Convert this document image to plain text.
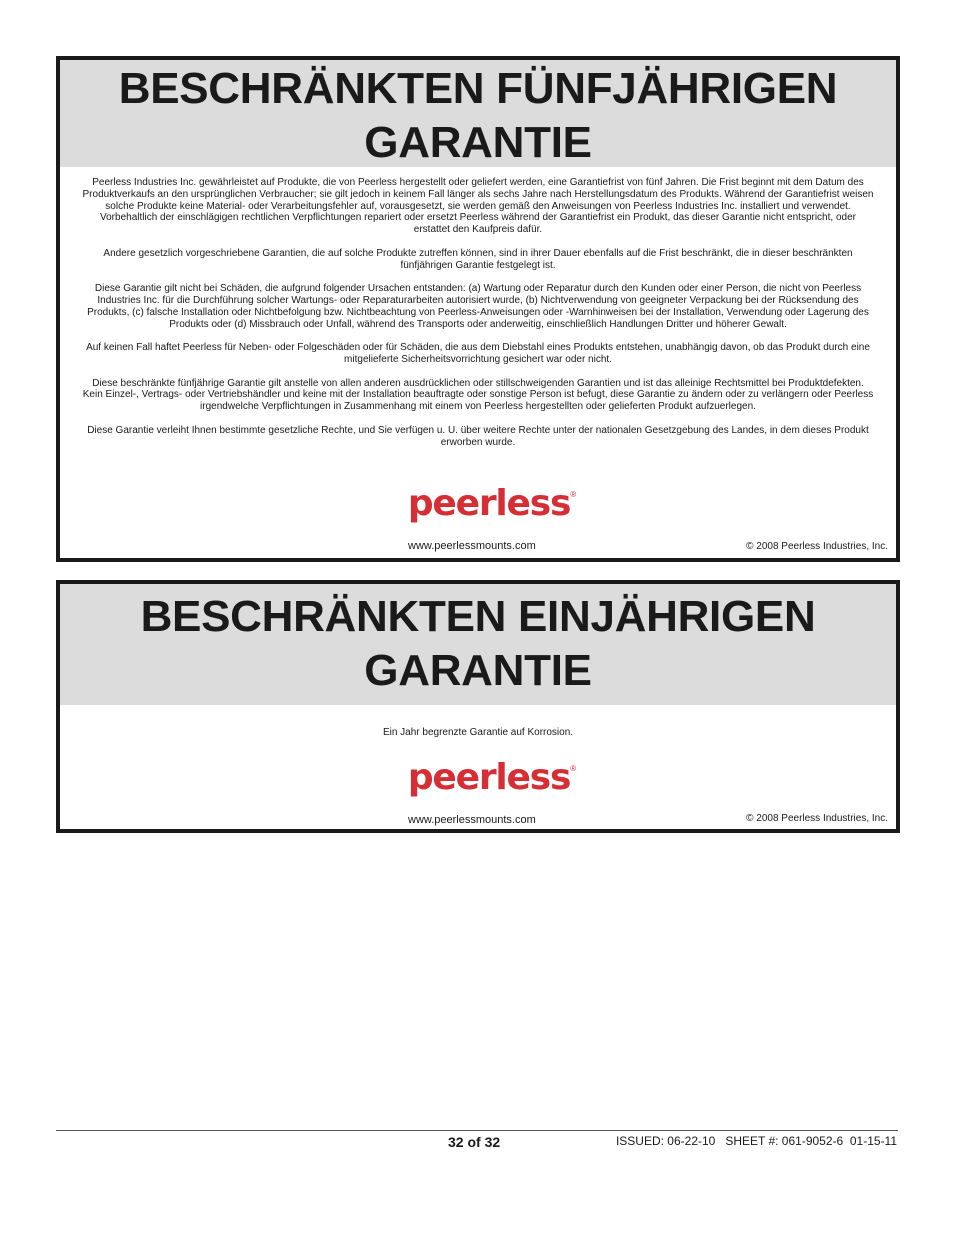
BESCHRÄNKTEN FÜNFJÄHRIGEN
GARANTIE

Peerless Industries Inc. gewährleistet auf Produkte, die von Peerless hergestellt oder geliefert werden, eine Garantiefrist von fünf Jahren. Die Frist beginnt mit dem Datum des Produktverkaufs an den ursprünglichen Verbraucher; sie gilt jedoch in keinem Fall länger als sechs Jahre nach Herstellungsdatum des Produkts. Während der Garantiefrist weisen solche Produkte keine Material- oder Verarbeitungsfehler auf, vorausgesetzt, sie werden gemäß den Anweisungen von Peerless Industries Inc. installiert und verwendet. Vorbehaltlich der einschlägigen rechtlichen Verpflichtungen repariert oder ersetzt Peerless während der Garantiefrist ein Produkt, das dieser Garantie nicht entspricht, oder erstattet den Kaufpreis dafür.

Andere gesetzlich vorgeschriebene Garantien, die auf solche Produkte zutreffen können, sind in ihrer Dauer ebenfalls auf die Frist beschränkt, die in dieser beschränkten fünfjährigen Garantie festgelegt ist.

Diese Garantie gilt nicht bei Schäden, die aufgrund folgender Ursachen entstanden: (a) Wartung oder Reparatur durch den Kunden oder einer Person, die nicht von Peerless Industries Inc. für die Durchführung solcher Wartungs- oder Reparaturarbeiten autorisiert wurde, (b) Nichtverwendung von geeigneter Verpackung bei der Rücksendung des Produkts, (c) falsche Installation oder Nichtbefolgung bzw. Nichtbeachtung von Peerless-Anweisungen oder -Warnhinweisen bei der Installation, Verwendung oder Lagerung des Produkts oder (d) Missbrauch oder Unfall, während des Transports oder anderweitig, einschließlich Handlungen Dritter und höherer Gewalt.

Auf keinen Fall haftet Peerless für Neben- oder Folgeschäden oder für Schäden, die aus dem Diebstahl eines Produkts entstehen, unabhängig davon, ob das Produkt durch eine mitgelieferte Sicherheitsvorrichtung gesichert war oder nicht.

Diese beschränkte fünfjährige Garantie gilt anstelle von allen anderen ausdrücklichen oder stillschweigenden Garantien und ist das alleinige Rechtsmittel bei Produktdefekten. Kein Einzel-, Vertrags- oder Vertriebshändler und keine mit der Installation beauftragte oder sonstige Person ist befugt, diese Garantie zu ändern oder zu verlängern oder Peerless irgendwelche Verpflichtungen in Zusammenhang mit einem von Peerless hergestellten oder gelieferten Produkt aufzuerlegen.

Diese Garantie verleiht Ihnen bestimmte gesetzliche Rechte, und Sie verfügen u. U. über weitere Rechte unter der nationalen Gesetzgebung des Landes, in dem dieses Produkt erworben wurde.

peerless®
www.peerlessmounts.com	© 2008 Peerless Industries, Inc.
BESCHRÄNKTEN EINJÄHRIGEN
GARANTIE

Ein Jahr begrenzte Garantie auf Korrosion.

peerless®
www.peerlessmounts.com	© 2008 Peerless Industries, Inc.
32 of 32	ISSUED: 06-22-10   SHEET #: 061-9052-6  01-15-11
